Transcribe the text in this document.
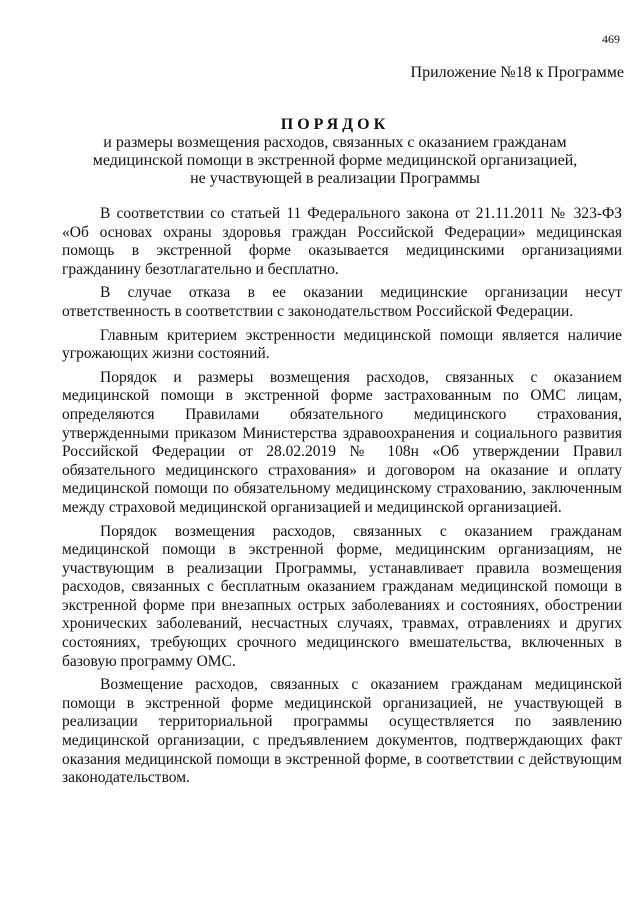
469
Приложение №18 к Программе
ПОРЯДОК
и размеры возмещения расходов, связанных с оказанием гражданам
медицинской помощи в экстренной форме медицинской организацией,
не участвующей в реализации Программы

В соответствии со статьей 11 Федерального закона от 21.11.2011 № 323-ФЗ «Об основах охраны здоровья граждан Российской Федерации» медицинская помощь в экстренной форме оказывается медицинскими организациями гражданину безотлагательно и бесплатно.

В случае отказа в ее оказании медицинские организации несут ответственность в соответствии с законодательством Российской Федерации.

Главным критерием экстренности медицинской помощи является наличие угрожающих жизни состояний.

Порядок и размеры возмещения расходов, связанных с оказанием медицинской помощи в экстренной форме застрахованным по ОМС лицам, определяются Правилами обязательного медицинского страхования, утвержденными приказом Министерства здравоохранения и социального развития Российской Федерации от 28.02.2019 № 108н «Об утверждении Правил обязательного медицинского страхования» и договором на оказание и оплату медицинской помощи по обязательному медицинскому страхованию, заключенным между страховой медицинской организацией и медицинской организацией.

Порядок возмещения расходов, связанных с оказанием гражданам медицинской помощи в экстренной форме, медицинским организациям, не участвующим в реализации Программы, устанавливает правила возмещения расходов, связанных с бесплатным оказанием гражданам медицинской помощи в экстренной форме при внезапных острых заболеваниях и состояниях, обострении хронических заболеваний, несчастных случаях, травмах, отравлениях и других состояниях, требующих срочного медицинского вмешательства, включенных в базовую программу ОМС.

Возмещение расходов, связанных с оказанием гражданам медицинской помощи в экстренной форме медицинской организацией, не участвующей в реализации территориальной программы осуществляется по заявлению медицинской организации, с предъявлением документов, подтверждающих факт оказания медицинской помощи в экстренной форме, в соответствии с действующим законодательством.
